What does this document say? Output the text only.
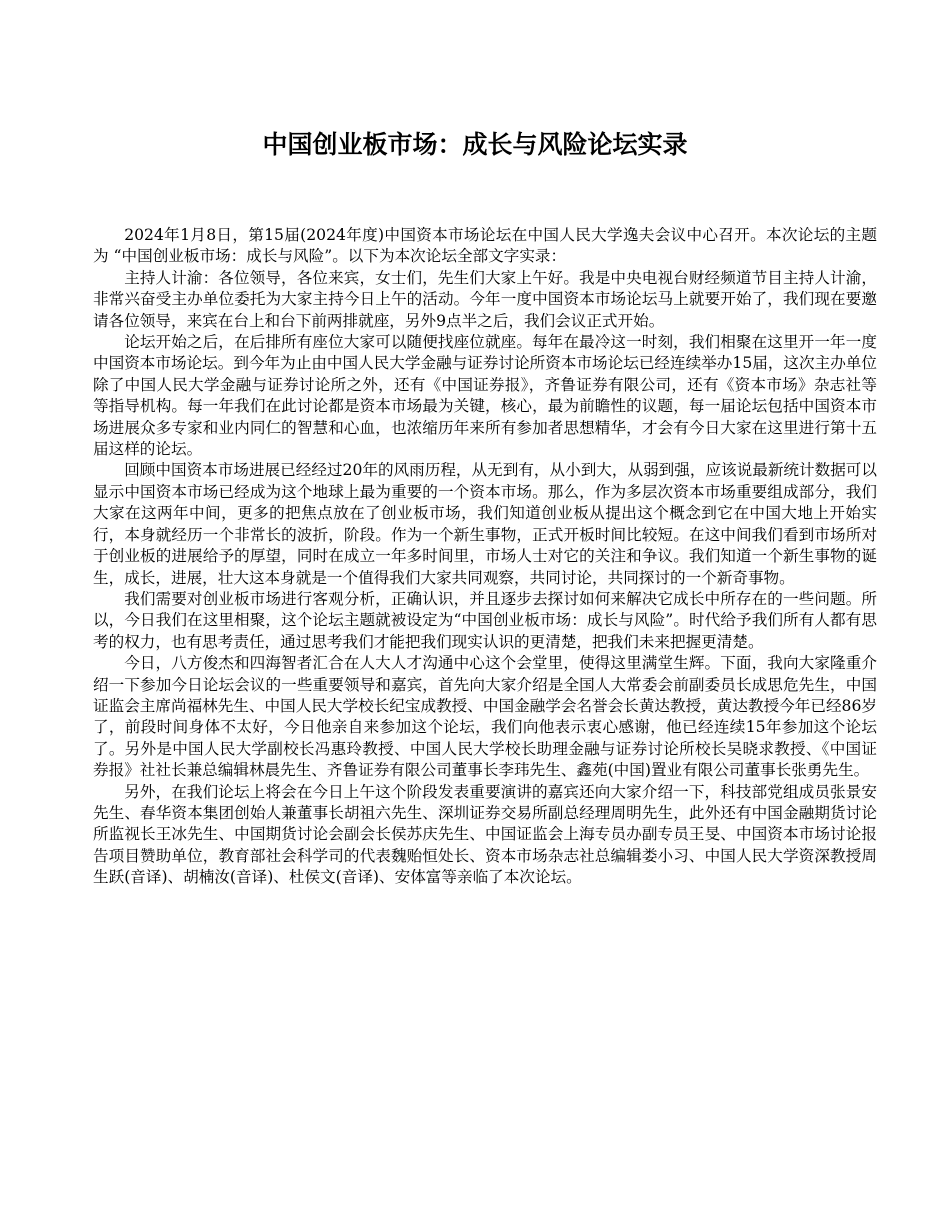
中国创业板市场：成长与风险论坛实录

2024年1月8日，第15届(2024年度)中国资本市场论坛在中国人民大学逸夫会议中心召开。本次论坛的主题为 “中国创业板市场：成长与风险”。以下为本次论坛全部文字实录：

主持人计渝：各位领导，各位来宾，女士们，先生们大家上午好。我是中央电视台财经频道节目主持人计渝，非常兴奋受主办单位委托为大家主持今日上午的活动。今年一度中国资本市场论坛马上就要开始了，我们现在要邀请各位领导，来宾在台上和台下前两排就座，另外9点半之后，我们会议正式开始。

论坛开始之后，在后排所有座位大家可以随便找座位就座。每年在最冷这一时刻，我们相聚在这里开一年一度中国资本市场论坛。到今年为止由中国人民大学金融与证券讨论所资本市场论坛已经连续举办15届，这次主办单位除了中国人民大学金融与证券讨论所之外，还有《中国证券报》，齐鲁证券有限公司，还有《资本市场》杂志社等等指导机构。每一年我们在此讨论都是资本市场最为关键，核心，最为前瞻性的议题，每一届论坛包括中国资本市场进展众多专家和业内同仁的智慧和心血，也浓缩历年来所有参加者思想精华，才会有今日大家在这里进行第十五届这样的论坛。

回顾中国资本市场进展已经经过20年的风雨历程，从无到有，从小到大，从弱到强，应该说最新统计数据可以显示中国资本市场已经成为这个地球上最为重要的一个资本市场。那么，作为多层次资本市场重要组成部分，我们大家在这两年中间，更多的把焦点放在了创业板市场，我们知道创业板从提出这个概念到它在中国大地上开始实行，本身就经历一个非常长的波折，阶段。作为一个新生事物，正式开板时间比较短。在这中间我们看到市场所对于创业板的进展给予的厚望，同时在成立一年多时间里，市场人士对它的关注和争议。我们知道一个新生事物的诞生，成长，进展，壮大这本身就是一个值得我们大家共同观察，共同讨论，共同探讨的一个新奇事物。

我们需要对创业板市场进行客观分析，正确认识，并且逐步去探讨如何来解决它成长中所存在的一些问题。所以，今日我们在这里相聚，这个论坛主题就被设定为“中国创业板市场：成长与风险”。时代给予我们所有人都有思考的权力，也有思考责任，通过思考我们才能把我们现实认识的更清楚，把我们未来把握更清楚。

今日，八方俊杰和四海智者汇合在人大人才沟通中心这个会堂里，使得这里满堂生辉。下面，我向大家隆重介绍一下参加今日论坛会议的一些重要领导和嘉宾，首先向大家介绍是全国人大常委会前副委员长成思危先生，中国证监会主席尚福林先生、中国人民大学校长纪宝成教授、中国金融学会名誉会长黄达教授，黄达教授今年已经86岁了，前段时间身体不太好，今日他亲自来参加这个论坛，我们向他表示衷心感谢，他已经连续15年参加这个论坛了。另外是中国人民大学副校长冯惠玲教授、中国人民大学校长助理金融与证券讨论所校长吴晓求教授、《中国证券报》社社长兼总编辑林晨先生、齐鲁证券有限公司董事长李玮先生、鑫苑(中国)置业有限公司董事长张勇先生。

另外，在我们论坛上将会在今日上午这个阶段发表重要演讲的嘉宾还向大家介绍一下，科技部党组成员张景安先生、春华资本集团创始人兼董事长胡祖六先生、深圳证券交易所副总经理周明先生，此外还有中国金融期货讨论所监视长王冰先生、中国期货讨论会副会长侯苏庆先生、中国证监会上海专员办副专员王旻、中国资本市场讨论报告项目赞助单位，教育部社会科学司的代表魏贻恒处长、资本市场杂志社总编辑娄小习、中国人民大学资深教授周生跃(音译)、胡楠汝(音译)、杜侯文(音译)、安体富等亲临了本次论坛。
